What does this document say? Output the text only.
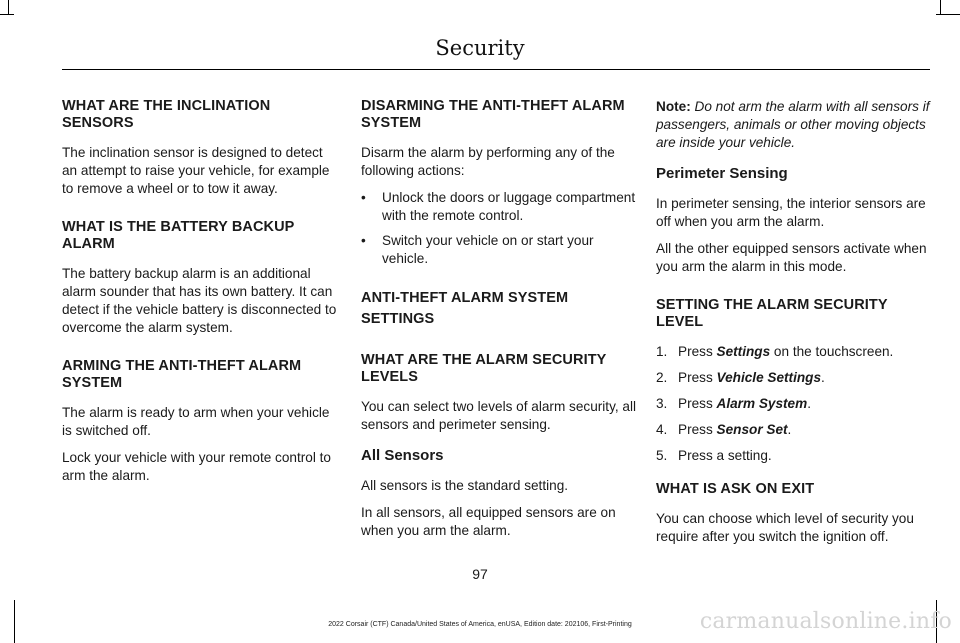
Security
WHAT ARE THE INCLINATION SENSORS

The inclination sensor is designed to detect an attempt to raise your vehicle, for example to remove a wheel or to tow it away.

WHAT IS THE BATTERY BACKUP ALARM

The battery backup alarm is an additional alarm sounder that has its own battery. It can detect if the vehicle battery is disconnected to overcome the alarm system.

ARMING THE ANTI-THEFT ALARM SYSTEM

The alarm is ready to arm when your vehicle is switched off.

Lock your vehicle with your remote control to arm the alarm.

DISARMING THE ANTI-THEFT ALARM SYSTEM

Disarm the alarm by performing any of the following actions:

• Unlock the doors or luggage compartment with the remote control.
• Switch your vehicle on or start your vehicle.
ANTI-THEFT ALARM SYSTEM
SETTINGS
WHAT ARE THE ALARM SECURITY LEVELS

You can select two levels of alarm security, all sensors and perimeter sensing.

All Sensors

All sensors is the standard setting.

In all sensors, all equipped sensors are on when you arm the alarm.

Note: Do not arm the alarm with all sensors if passengers, animals or other moving objects are inside your vehicle.

Perimeter Sensing

In perimeter sensing, the interior sensors are off when you arm the alarm.

All the other equipped sensors activate when you arm the alarm in this mode.

SETTING THE ALARM SECURITY LEVEL
1. Press Settings on the touchscreen.
2. Press Vehicle Settings.
3. Press Alarm System.
4. Press Sensor Set.
5. Press a setting.
WHAT IS ASK ON EXIT

You can choose which level of security you require after you switch the ignition off.

97
2022 Corsair (CTF) Canada/United States of America, enUSA, Edition date: 202106, First-Printing	carmanualsonline.info
